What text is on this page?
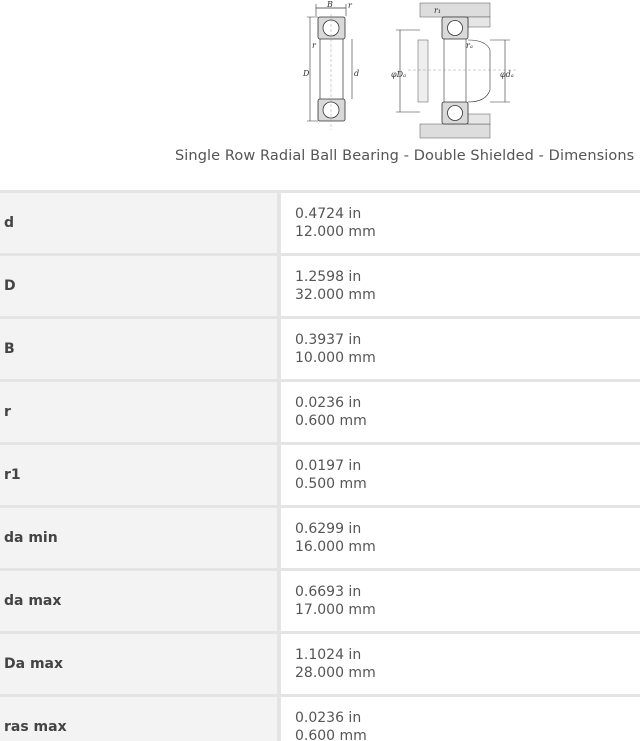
B r
D	d
r
φDₐ	φdₐ
r₁
rₐ
Single Row Radial Ball Bearing - Double Shielded - Dimensions
d
0.4724 in
12.000 mm
D
1.2598 in
32.000 mm
B
0.3937 in
10.000 mm
r
0.0236 in
0.600 mm
r1
0.0197 in
0.500 mm
da min
0.6299 in
16.000 mm
da max
0.6693 in
17.000 mm
Da max
1.1024 in
28.000 mm
ras max
0.0236 in
0.600 mm
